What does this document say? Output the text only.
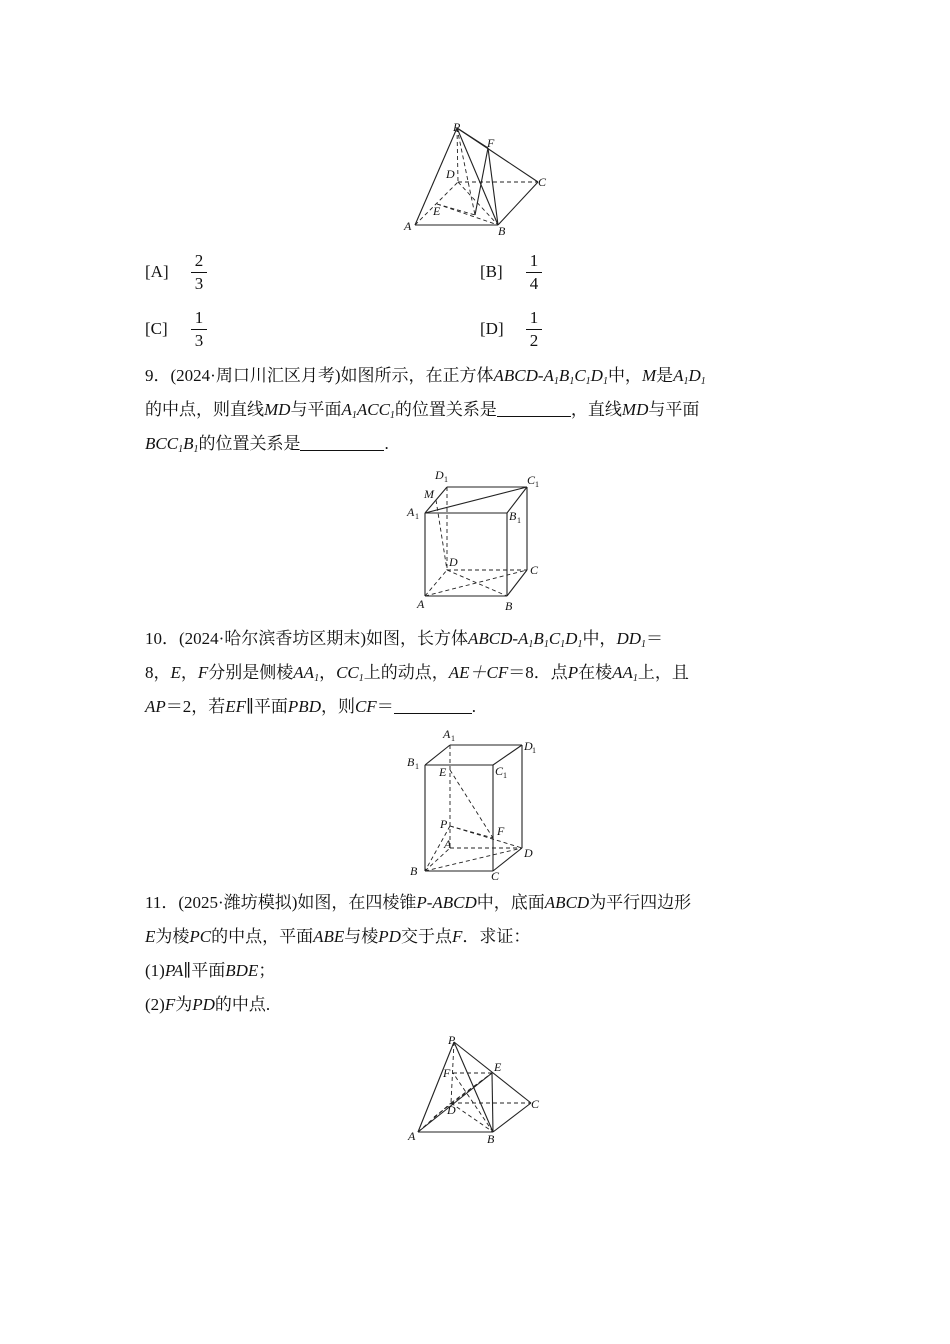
P
F
D
C
E
A	B
$[A] \frac{2}{3}$	$[B] \frac{1}{4}$
$[C] \frac{1}{3}$	$[D] \frac{1}{2}$
9．(2024·周口川汇区月考)如图所示，在正方体ABCD-$A_1B_1C_1D_1$中，M是$A_1D_1$
的中点，则直线MD与平面$A_1ACC_1$的位置关系是	，直线MD与平面
$BCC_1B_1$的位置关系是	.
D 1	C 1
M
A 1	B 1
D
C
A	B
10．(2024·哈尔滨香坊区期末)如图，长方体ABCD-$A_1B_1C_1D_1$中，$DD_1=$
8，E，F分别是侧棱$AA_1$，$CC_1$上的动点，AE＋CF＝8．点P在棱$AA_1$上，且
AP＝2，若EF∥平面PBD，则CF＝	.
A 1
D 1
B 1 E	C 1
P	F
A
B	C
D
11．(2025·潍坊模拟)如图，在四棱锥P-ABCD中，底面ABCD为平行四边形
E为棱PC的中点，平面ABE与棱PD交于点F．求证：
(1)PA∥平面BDE；
(2)F为PD的中点.
P
E
F
D	C
A	B
